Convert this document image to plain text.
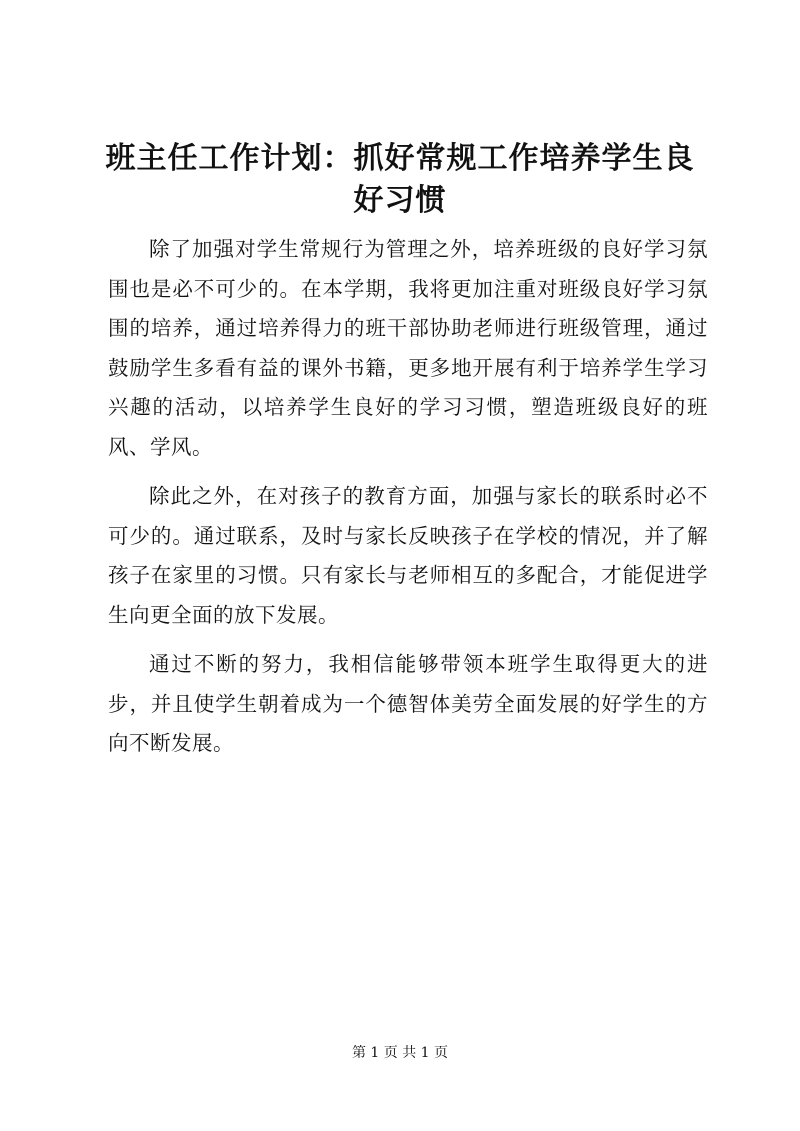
班主任工作计划：抓好常规工作培养学生良好习惯

除了加强对学生常规行为管理之外，培养班级的良好学习氛围也是必不可少的。在本学期，我将更加注重对班级良好学习氛围的培养，通过培养得力的班干部协助老师进行班级管理，通过鼓励学生多看有益的课外书籍，更多地开展有利于培养学生学习兴趣的活动，以培养学生良好的学习习惯，塑造班级良好的班风、学风。

除此之外，在对孩子的教育方面，加强与家长的联系时必不可少的。通过联系，及时与家长反映孩子在学校的情况，并了解孩子在家里的习惯。只有家长与老师相互的多配合，才能促进学生向更全面的放下发展。

通过不断的努力，我相信能够带领本班学生取得更大的进步，并且使学生朝着成为一个德智体美劳全面发展的好学生的方向不断发展。

第 1 页 共 1 页
